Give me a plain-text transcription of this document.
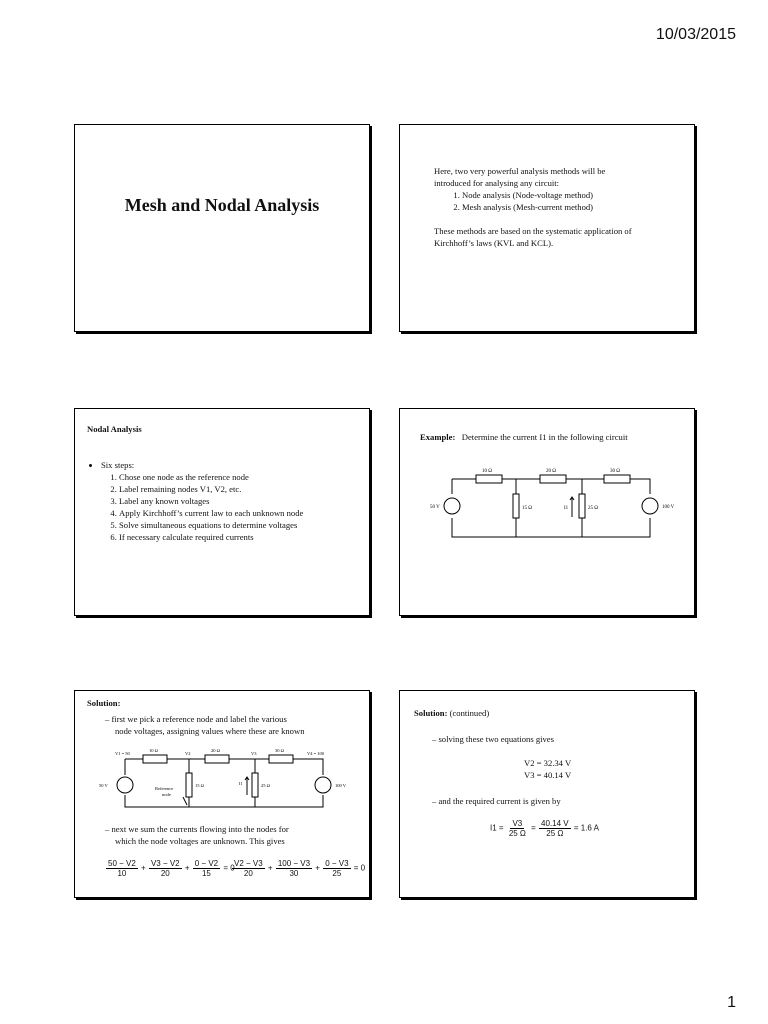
10/03/2015
Mesh and Nodal Analysis
Here, two very powerful analysis methods will be
introduced for analysing any circuit:
1. Node analysis (Node-voltage method)
2. Mesh analysis (Mesh-current method)
These methods are based on the systematic application of
Kirchhoff’s laws (KVL and KCL).
Nodal Analysis
• Six steps:
1. Chose one node as the reference node
2. Label remaining nodes V1, V2, etc.
3. Label any known voltages
4. Apply Kirchhoff’s current law to each unknown node
5. Solve simultaneous equations to determine voltages
6. If necessary calculate required currents
Example: Determine the current I1 in the following circuit
10 Ω	20 Ω	30 Ω
15 Ω	25 Ω
50 V	100 V
I1
Solution:
– first we pick a reference node and label the various
node voltages, assigning values where these are known
V1 = 50	V2	V3	V4 = 100
10 Ω	20 Ω	30 Ω
15 Ω	25 Ω
50 V	100 V
I1
Reference
node
– next we sum the currents flowing into the nodes for
which the node voltages are unknown. This gives
$\frac{50 - V2}{10} + \frac{V3 - V2}{20} + \frac{0 - V2}{15} = 0$
$\frac{V2 - V3}{20} + \frac{100 - V3}{30} + \frac{0 - V3}{25} = 0$
Solution: (continued)
– solving these two equations gives
V2 = 32.34 V
V3 = 40.14 V
– and the required current is given by
$I1 = \frac{V3}{25 \Omega} = \frac{40.14 V}{25 \Omega} = 1.6$ A
1
